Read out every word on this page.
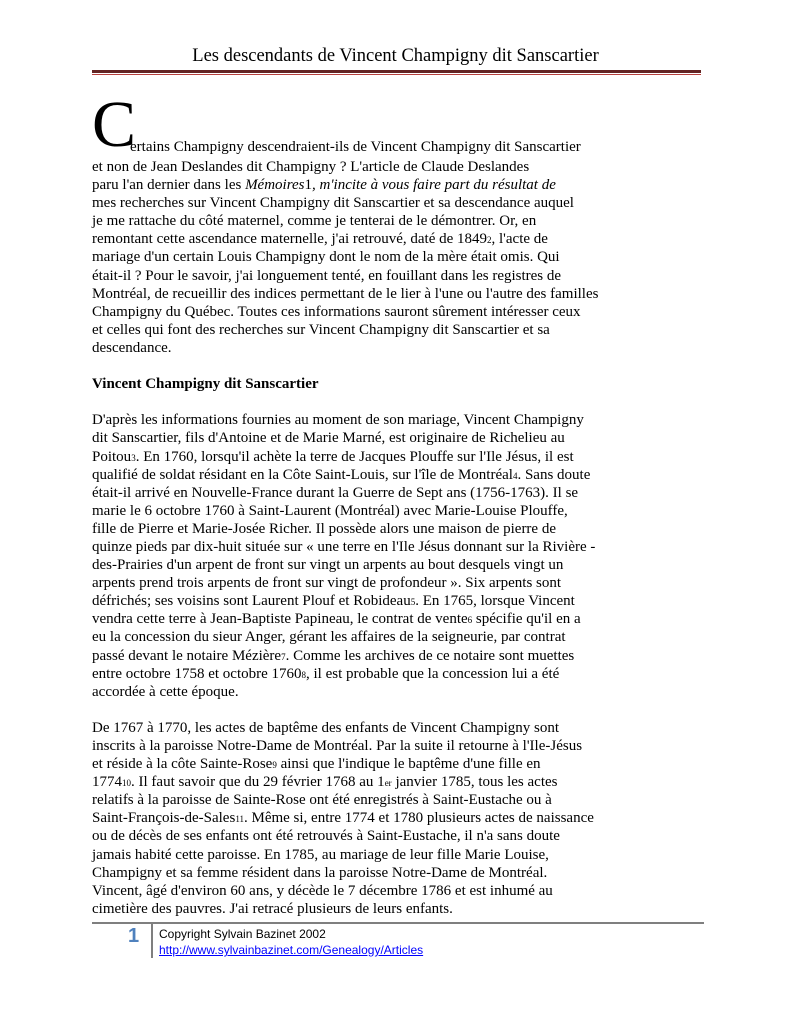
Les descendants de Vincent Champigny dit Sanscartier
C
ertains Champigny descendraient-ils de Vincent Champigny dit Sanscartier
et non de Jean Deslandes dit Champigny ? L'article de Claude Deslandes
paru l'an dernier dans les Mémoires1, m'incite à vous faire part du résultat de
mes recherches sur Vincent Champigny dit Sanscartier et sa descendance auquel
je me rattache du côté maternel, comme je tenterai de le démontrer. Or, en
remontant cette ascendance maternelle, j'ai retrouvé, daté de 18492, l'acte de
mariage d'un certain Louis Champigny dont le nom de la mère était omis. Qui
était-il ? Pour le savoir, j'ai longuement tenté, en fouillant dans les registres de
Montréal, de recueillir des indices permettant de le lier à l'une ou l'autre des familles
Champigny du Québec. Toutes ces informations sauront sûrement intéresser ceux
et celles qui font des recherches sur Vincent Champigny dit Sanscartier et sa
descendance.
Vincent Champigny dit Sanscartier
D'après les informations fournies au moment de son mariage, Vincent Champigny
dit Sanscartier, fils d'Antoine et de Marie Marné, est originaire de Richelieu au
Poitou3. En 1760, lorsqu'il achète la terre de Jacques Plouffe sur l'Ile Jésus, il est
qualifié de soldat résidant en la Côte Saint-Louis, sur l'île de Montréal4. Sans doute
était-il arrivé en Nouvelle-France durant la Guerre de Sept ans (1756-1763). Il se
marie le 6 octobre 1760 à Saint-Laurent (Montréal) avec Marie-Louise Plouffe,
fille de Pierre et Marie-Josée Richer. Il possède alors une maison de pierre de
quinze pieds par dix-huit située sur « une terre en l'Ile Jésus donnant sur la Rivière -
des-Prairies d'un arpent de front sur vingt un arpents au bout desquels vingt un
arpents prend trois arpents de front sur vingt de profondeur ». Six arpents sont
défrichés; ses voisins sont Laurent Plouf et Robideau5. En 1765, lorsque Vincent
vendra cette terre à Jean-Baptiste Papineau, le contrat de vente6 spécifie qu'il en a
eu la concession du sieur Anger, gérant les affaires de la seigneurie, par contrat
passé devant le notaire Mézière7. Comme les archives de ce notaire sont muettes
entre octobre 1758 et octobre 17608, il est probable que la concession lui a été
accordée à cette époque.
De 1767 à 1770, les actes de baptême des enfants de Vincent Champigny sont
inscrits à la paroisse Notre-Dame de Montréal. Par la suite il retourne à l'Ile-Jésus
et réside à la côte Sainte-Rose9 ainsi que l'indique le baptême d'une fille en
177410. Il faut savoir que du 29 février 1768 au 1er janvier 1785, tous les actes
relatifs à la paroisse de Sainte-Rose ont été enregistrés à Saint-Eustache ou à
Saint-François-de-Sales11. Même si, entre 1774 et 1780 plusieurs actes de naissance
ou de décès de ses enfants ont été retrouvés à Saint-Eustache, il n'a sans doute
jamais habité cette paroisse. En 1785, au mariage de leur fille Marie Louise,
Champigny et sa femme résident dans la paroisse Notre-Dame de Montréal.
Vincent, âgé d'environ 60 ans, y décède le 7 décembre 1786 et est inhumé au
cimetière des pauvres. J'ai retracé plusieurs de leurs enfants.
1 Copyright Sylvain Bazinet 2002
http://www.sylvainbazinet.com/Genealogy/Articles
